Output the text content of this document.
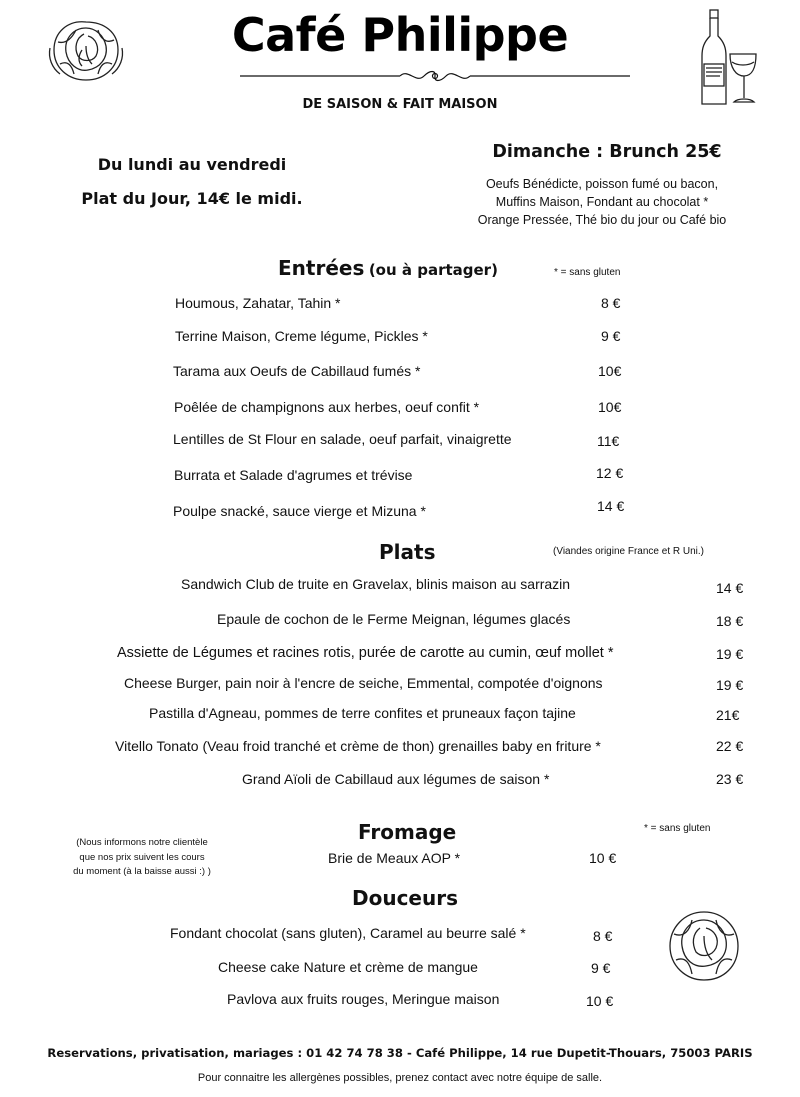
Café Philippe
DE SAISON & FAIT MAISON
Du lundi au vendredi
Plat du Jour, 14€ le midi.
Dimanche : Brunch 25€
Oeufs Bénédicte, poisson fumé ou bacon,
Muffins Maison, Fondant au chocolat *
Orange Pressée, Thé bio du jour ou Café bio
Entrées (ou à partager)	* = sans gluten
Houmous, Zahatar, Tahin *	8 €
Terrine Maison, Creme légume, Pickles *	9 €
Tarama aux Oeufs de Cabillaud fumés *	10€
Poêlée de champignons aux herbes, oeuf confit *	10€
Lentilles de St Flour en salade, oeuf parfait, vinaigrette	11€
Burrata et Salade d'agrumes et trévise	12 €
Poulpe snacké, sauce vierge et Mizuna *	14 €
Plats	(Viandes origine France et R Uni.)
Sandwich Club de truite en Gravelax, blinis maison au sarrazin	14 €
Epaule de cochon de le Ferme Meignan, légumes glacés	18 €
Assiette de Légumes et racines rotis, purée de carotte au cumin, œuf mollet *	19 €
Cheese Burger, pain noir à l'encre de seiche, Emmental, compotée d'oignons	19 €
Pastilla d'Agneau, pommes de terre confites et pruneaux façon tajine	21€
Vitello Tonato (Veau froid tranché et crème de thon) grenailles baby en friture *	22 €
Grand Aïoli de Cabillaud aux légumes de saison *	23 €
(Nous informons notre clientèle
que nos prix suivent les cours
du moment (à la baisse aussi :) )
Fromage	* = sans gluten
Brie de Meaux AOP *	10 €
Douceurs
Fondant chocolat (sans gluten), Caramel au beurre salé *	8 €
Cheese cake Nature et crème de mangue	9 €
Pavlova aux fruits rouges, Meringue maison	10 €
Reservations, privatisation, mariages : 01 42 74 78 38 - Café Philippe, 14 rue Dupetit-Thouars, 75003 PARIS
Pour connaitre les allergènes possibles, prenez contact avec notre équipe de salle.
